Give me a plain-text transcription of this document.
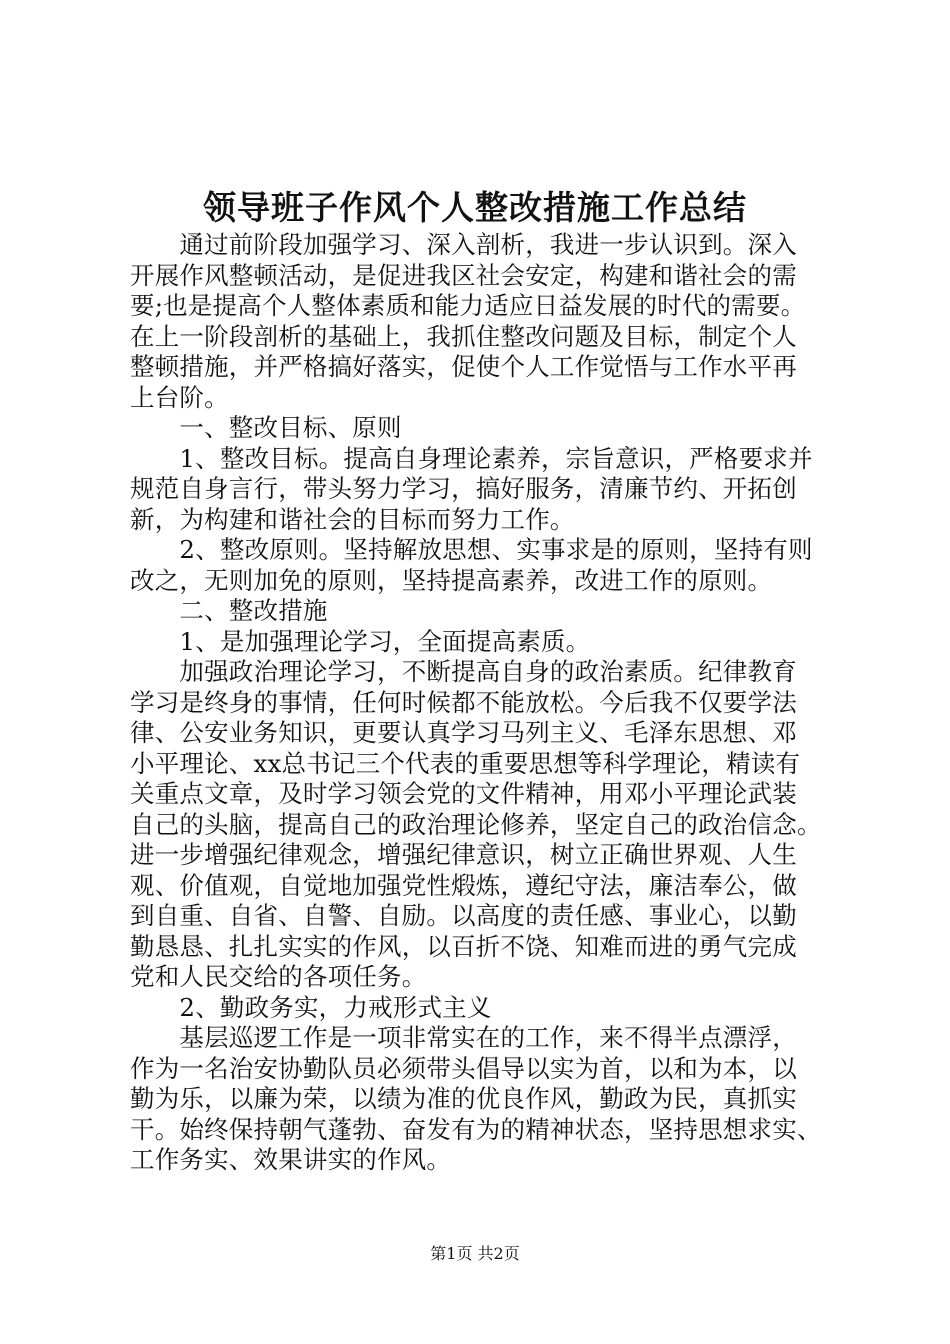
领导班子作风个人整改措施工作总结
　　通过前阶段加强学习、深入剖析，我进一步认识到。深入
开展作风整顿活动，是促进我区社会安定，构建和谐社会的需
要;也是提高个人整体素质和能力适应日益发展的时代的需要。
在上一阶段剖析的基础上，我抓住整改问题及目标，制定个人
整顿措施，并严格搞好落实，促使个人工作觉悟与工作水平再
上台阶。
　　一、整改目标、原则
　　1、整改目标。提高自身理论素养，宗旨意识，严格要求并
规范自身言行，带头努力学习，搞好服务，清廉节约、开拓创
新，为构建和谐社会的目标而努力工作。
　　2、整改原则。坚持解放思想、实事求是的原则，坚持有则
改之，无则加免的原则，坚持提高素养，改进工作的原则。
　　二、整改措施
　　1、是加强理论学习，全面提高素质。
　　加强政治理论学习，不断提高自身的政治素质。纪律教育
学习是终身的事情，任何时候都不能放松。今后我不仅要学法
律、公安业务知识，更要认真学习马列主义、毛泽东思想、邓
小平理论、xx总书记三个代表的重要思想等科学理论，精读有
关重点文章，及时学习领会党的文件精神，用邓小平理论武装
自己的头脑，提高自己的政治理论修养，坚定自己的政治信念。
进一步增强纪律观念，增强纪律意识，树立正确世界观、人生
观、价值观，自觉地加强党性煅炼，遵纪守法，廉洁奉公，做
到自重、自省、自警、自励。以高度的责任感、事业心，以勤
勤恳恳、扎扎实实的作风，以百折不饶、知难而进的勇气完成
党和人民交给的各项任务。
　　2、勤政务实，力戒形式主义
　　基层巡逻工作是一项非常实在的工作，来不得半点漂浮，
作为一名治安协勤队员必须带头倡导以实为首，以和为本，以
勤为乐，以廉为荣，以绩为准的优良作风，勤政为民，真抓实
干。始终保持朝气蓬勃、奋发有为的精神状态，坚持思想求实、
工作务实、效果讲实的作风。
第1页 共2页
